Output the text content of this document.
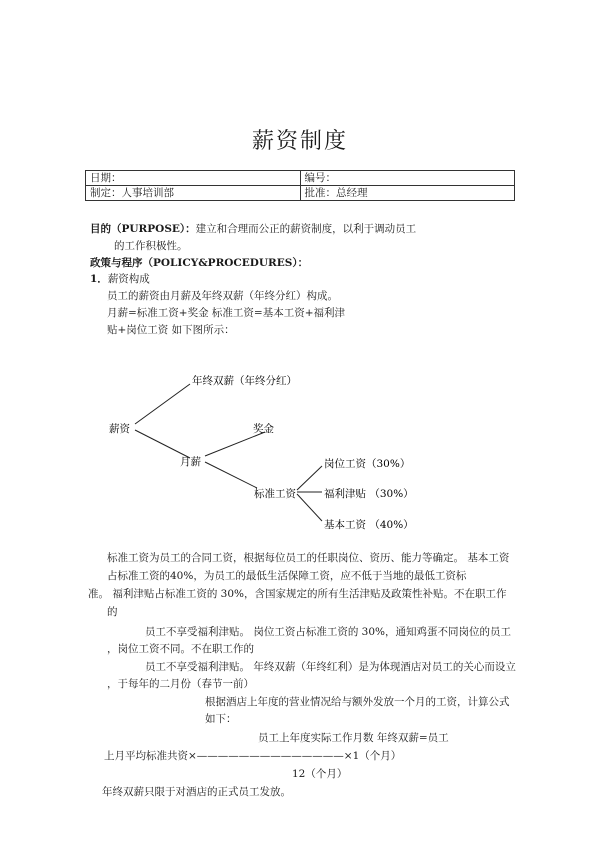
薪资制度
日期：	编号：
制定：人事培训部	批准：总经理
目的（PURPOSE）：建立和合理而公正的薪资制度，以利于调动员工
的工作积极性。
政策与程序（POLICY&PROCEDURES）：
1．薪资构成
员工的薪资由月薪及年终双薪（年终分红）构成。
月薪=标准工资+奖金 标准工资=基本工资+福利津
贴+岗位工资 如下图所示：
薪资
年终双薪（年终分红）
月薪
奖金
标准工资
岗位工资（30%）
福利津贴 （30%）
基本工资 （40%）
标准工资为员工的合同工资，根据每位员工的任职岗位、资历、能力等确定。 基本工资
占标准工资的40%，为员工的最低生活保障工资，应不低于当地的最低工资标
准。 福利津贴占标准工资的 30%，含国家规定的所有生活津贴及政策性补贴。不在职工作
的
员工不享受福利津贴。 岗位工资占标准工资的 30%，通知鸡蛋不同岗位的员工
，岗位工资不同。不在职工作的
员工不享受福利津贴。 年终双薪（年终红利）是为体现酒店对员工的关心而设立
，于每年的二月份（春节一前）
根据酒店上年度的营业情况给与额外发放一个月的工资，计算公式
如下：
员工上年度实际工作月数 年终双薪=员工
上月平均标准共资×——————————————×1（个月）
12（个月）
年终双薪只限于对酒店的正式员工发放。
